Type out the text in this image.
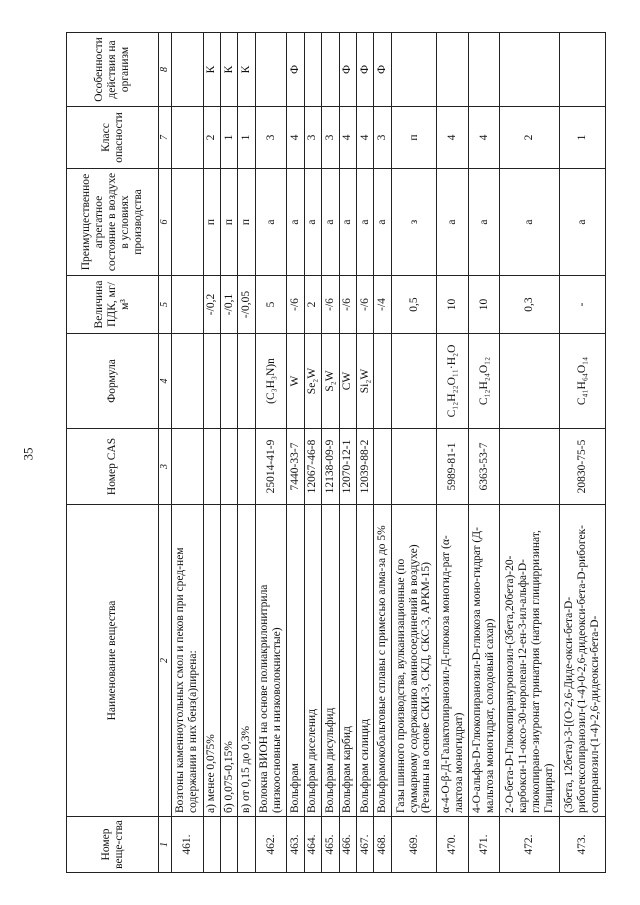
35
Номер веще-ства	Наименование вещества	Номер CAS	Формула	Величина ПДК, мг/м³	Преимущественное агрегатное состояние в воздухе в условиях производства	Класс опасности	Особенности действия на организм
1	2	3	4	5	6	7	8
461.	Возгоны каменноугольных смол и пеков при сред-нем содержании в них бенз(а)пирена:						
	а) менее 0,075%			-/0,2	п	2	К
	б) 0,075-0,15%			-/0,1	п	1	К
	в) от 0,15 до 0,3%			-/0,05	п	1	К
462.	Волокна ВИОН на основе полиакрилонитрила (низкоосновные и низковолокнистые)	25014-41-9	(C₃H₃N)n	5	а	3	
463.	Вольфрам	7440-33-7	W	-/6	а	4	Ф
464.	Вольфрам диселенид	12067-46-8	Se₂W	2	а	3	
465.	Вольфрам дисульфид	12138-09-9	S₂W	-/6	а	3	
466.	Вольфрам карбид	12070-12-1	CW	-/6	а	4	Ф
467.	Вольфрам силицид	12039-88-2	Si₂W	-/6	а	4	Ф
468.	Вольфрамокобальтовые сплавы с примесью алма-за до 5%			-/4	а	3	Ф
469.	Газы шинного производства, вулканизационные (по суммарному содержанию аминосоединений в воздухе) (Резины на основе СКИ-3, СКД, СКС-3, АРКМ-15)			0,5	з	п	
470.	α-4-О-β-Д-Галактопиранозил-Д-глюкоза моногид-рат (α-лактоза моногидрат)	5989-81-1	C₁₂H₂₂O₁₁·H₂O	10	а	4	
471.	4-О-альфа-D-Глюкопиранозил-D-глюкоза моно-гидрат (Д-мальтоза моногидрат, солодовый сахар)	6363-53-7	C₁₂H₂₄O₁₂	10	а	4	
472.	2-О-бета-D-Глюкопирануронозил-(3бета,20бета)-20-карбокси-11-оксо-30-норолеан-12-ен-3-ил-альфа-D-глюкопирано-зиуронат тринатрия (натрия глицирризинат, Глицират)			0,3	а	2	
473.	(3бета, 12бета)-3-[(О-2,6-Диде-окси-бета-D-рибогексопиранозил-(1-4)-0-2,6-дидеокси-бета-D-рибогек-сопиранозил-(1-4)-2,6-дидеокси-бета-D-	20830-75-5	C₄₁H₆₄O₁₄	-	а	1	
